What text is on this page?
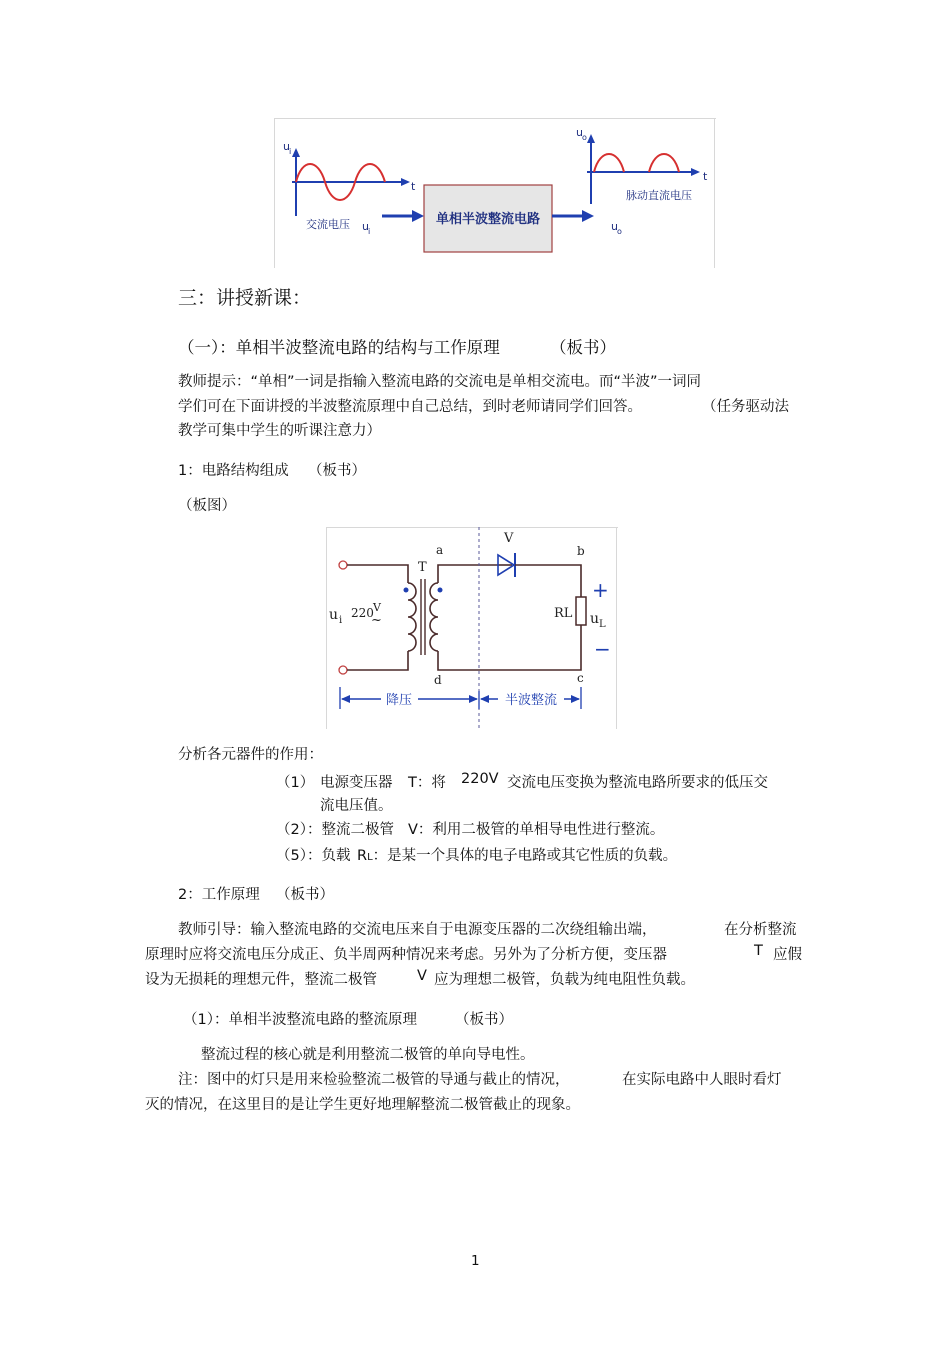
u i
t
交流电压 u i
单相半波整流电路	u o
u o
t
脉动直流电压
三：讲授新课：
（一）：单相半波整流电路的结构与工作原理	（板书）
教师提示：“单相”一词是指输入整流电路的交流电是单相交流电。而“半波”一词同
学们可在下面讲授的半波整流原理中自己总结，到时老师请同学们回答。	（任务驱动法
教学可集中学生的听课注意力）
1：电路结构组成 （板书）
（板图）
a
T
V
b
d	c
u i
220 V
~	RL u L
+
−
降压	半波整流
分析各元器件的作用：
（1） 电源变压器 T：将 220V 交流电压变换为整流电路所要求的低压交
流电压值。
（2）：整流二极管 V：利用二极管的单相导电性进行整流。
（5）：负载 RL：是某一个具体的电子电路或其它性质的负载。
2：工作原理 （板书）
教师引导：输入整流电路的交流电压来自于电源变压器的二次绕组输出端，	在分析整流
原理时应将交流电压分成正、负半周两种情况来考虑。另外为了分析方便，变压器	T 应假
设为无损耗的理想元件，整流二极管	V 应为理想二极管，负载为纯电阻性负载。
（1）：单相半波整流电路的整流原理	（板书）
整流过程的核心就是利用整流二极管的单向导电性。
注：图中的灯只是用来检验整流二极管的导通与截止的情况，	在实际电路中人眼时看灯
灭的情况，在这里目的是让学生更好地理解整流二极管截止的现象。
1
